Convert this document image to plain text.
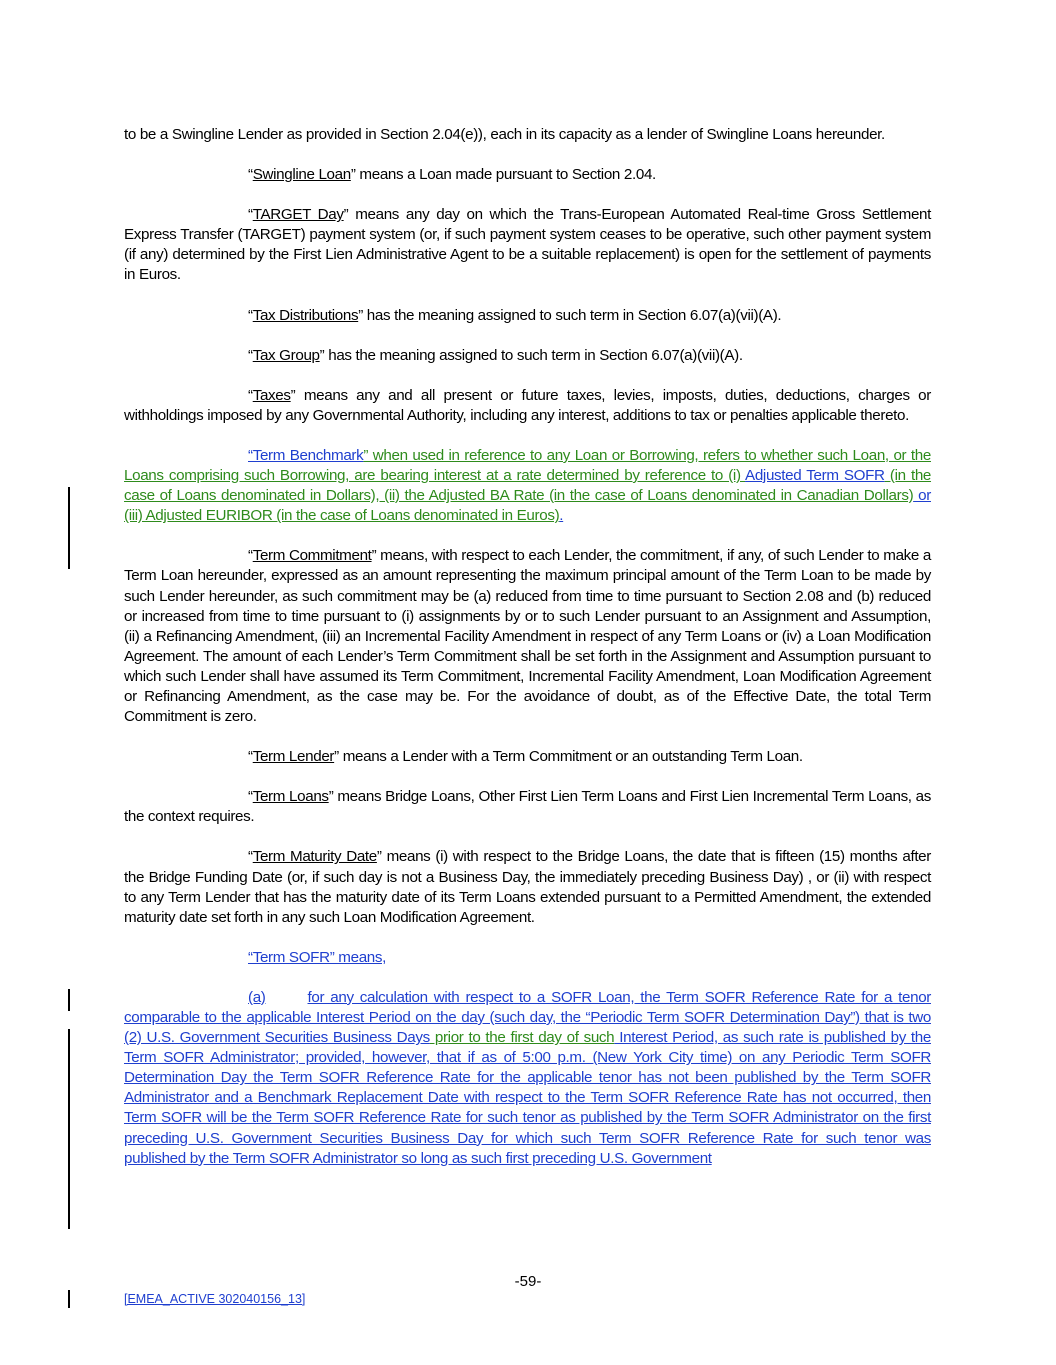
to be a Swingline Lender as provided in Section 2.04(e)), each in its capacity as a lender of Swingline Loans hereunder.

“Swingline Loan” means a Loan made pursuant to Section 2.04.

“TARGET Day” means any day on which the Trans-European Automated Real-time Gross Settlement Express Transfer (TARGET) payment system (or, if such payment system ceases to be operative, such other payment system (if any) determined by the First Lien Administrative Agent to be a suitable replacement) is open for the settlement of payments in Euros.

“Tax Distributions” has the meaning assigned to such term in Section 6.07(a)(vii)(A).

“Tax Group” has the meaning assigned to such term in Section 6.07(a)(vii)(A).

“Taxes” means any and all present or future taxes, levies, imposts, duties, deductions, charges or withholdings imposed by any Governmental Authority, including any interest, additions to tax or penalties applicable thereto.

“Term Benchmark” when used in reference to any Loan or Borrowing, refers to whether such Loan, or the Loans comprising such Borrowing, are bearing interest at a rate determined by reference to (i) Adjusted Term SOFR (in the case of Loans denominated in Dollars), (ii) the Adjusted BA Rate (in the case of Loans denominated in Canadian Dollars) or (iii) Adjusted EURIBOR (in the case of Loans denominated in Euros).

“Term Commitment” means, with respect to each Lender, the commitment, if any, of such Lender to make a Term Loan hereunder, expressed as an amount representing the maximum principal amount of the Term Loan to be made by such Lender hereunder, as such commitment may be (a) reduced from time to time pursuant to Section 2.08 and (b) reduced or increased from time to time pursuant to (i) assignments by or to such Lender pursuant to an Assignment and Assumption, (ii) a Refinancing Amendment, (iii) an Incremental Facility Amendment in respect of any Term Loans or (iv) a Loan Modification Agreement. The amount of each Lender’s Term Commitment shall be set forth in the Assignment and Assumption pursuant to which such Lender shall have assumed its Term Commitment, Incremental Facility Amendment, Loan Modification Agreement or Refinancing Amendment, as the case may be. For the avoidance of doubt, as of the Effective Date, the total Term Commitment is zero.

“Term Lender” means a Lender with a Term Commitment or an outstanding Term Loan.

“Term Loans” means Bridge Loans, Other First Lien Term Loans and First Lien Incremental Term Loans, as the context requires.

“Term Maturity Date” means (i) with respect to the Bridge Loans, the date that is fifteen (15) months after the Bridge Funding Date (or, if such day is not a Business Day, the immediately preceding Business Day) , or (ii) with respect to any Term Lender that has the maturity date of its Term Loans extended pursuant to a Permitted Amendment, the extended maturity date set forth in any such Loan Modification Agreement.

“Term SOFR” means,

(a)	for any calculation with respect to a SOFR Loan, the Term SOFR Reference Rate for a tenor comparable to the applicable Interest Period on the day (such day, the “Periodic Term SOFR Determination Day”) that is two (2) U.S. Government Securities Business Days prior to the first day of such Interest Period, as such rate is published by the Term SOFR Administrator; provided, however, that if as of 5:00 p.m. (New York City time) on any Periodic Term SOFR Determination Day the Term SOFR Reference Rate for the applicable tenor has not been published by the Term SOFR Administrator and a Benchmark Replacement Date with respect to the Term SOFR Reference Rate has not occurred, then Term SOFR will be the Term SOFR Reference Rate for such tenor as published by the Term SOFR Administrator on the first preceding U.S. Government Securities Business Day for which such Term SOFR Reference Rate for such tenor was published by the Term SOFR Administrator so long as such first preceding U.S. Government

-59-
[EMEA_ACTIVE 302040156_13]
